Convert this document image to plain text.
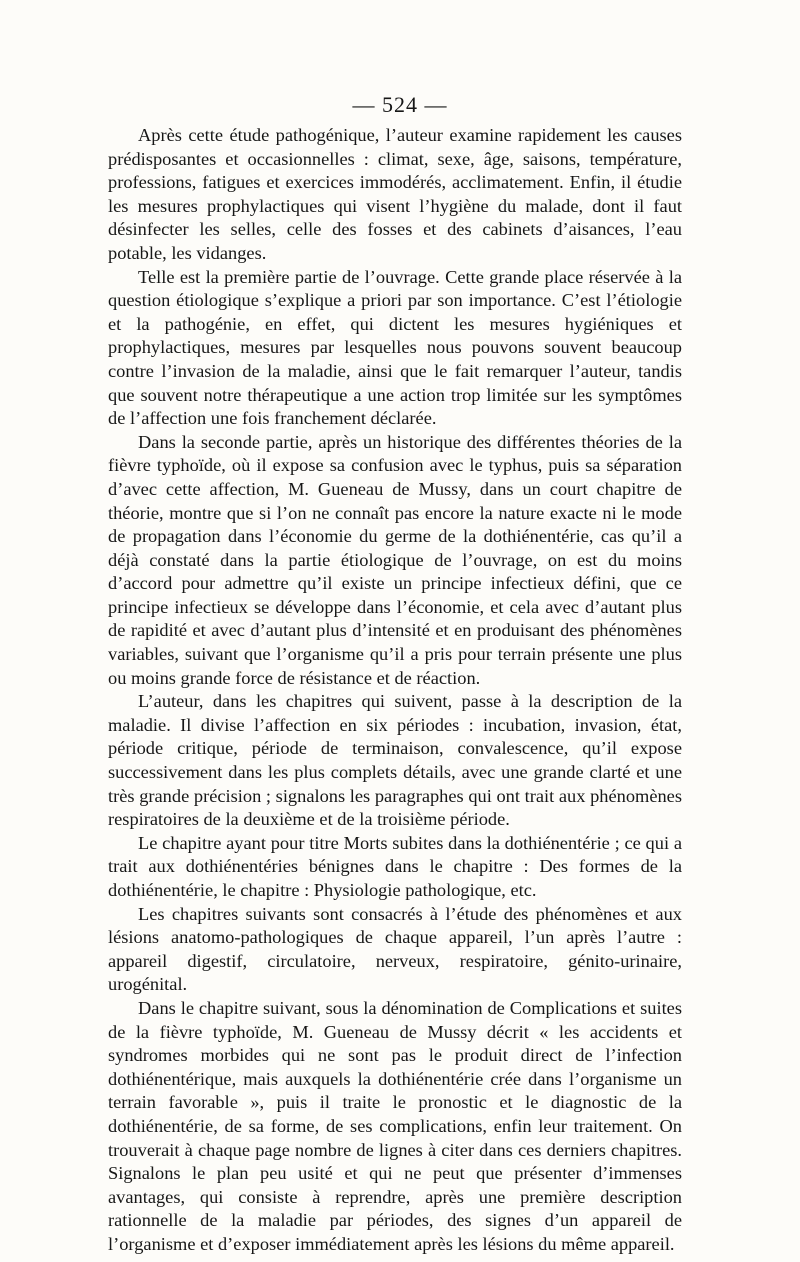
— 524 —

Après cette étude pathogénique, l’auteur examine rapidement les causes prédisposantes et occasionnelles : climat, sexe, âge, saisons, température, professions, fatigues et exercices immodérés, acclimatement. Enfin, il étudie les mesures prophylactiques qui visent l’hygiène du malade, dont il faut désinfecter les selles, celle des fosses et des cabinets d’aisances, l’eau potable, les vidanges.

Telle est la première partie de l’ouvrage. Cette grande place réservée à la question étiologique s’explique a priori par son importance. C’est l’étiologie et la pathogénie, en effet, qui dictent les mesures hygiéniques et prophylactiques, mesures par lesquelles nous pouvons souvent beaucoup contre l’invasion de la maladie, ainsi que le fait remarquer l’auteur, tandis que souvent notre thérapeutique a une action trop limitée sur les symptômes de l’affection une fois franchement déclarée.

Dans la seconde partie, après un historique des différentes théories de la fièvre typhoïde, où il expose sa confusion avec le typhus, puis sa séparation d’avec cette affection, M. Gueneau de Mussy, dans un court chapitre de théorie, montre que si l’on ne connaît pas encore la nature exacte ni le mode de propagation dans l’économie du germe de la dothiénentérie, cas qu’il a déjà constaté dans la partie étiologique de l’ouvrage, on est du moins d’accord pour admettre qu’il existe un principe infectieux défini, que ce principe infectieux se développe dans l’économie, et cela avec d’autant plus de rapidité et avec d’autant plus d’intensité et en produisant des phénomènes variables, suivant que l’organisme qu’il a pris pour terrain présente une plus ou moins grande force de résistance et de réaction.

L’auteur, dans les chapitres qui suivent, passe à la description de la maladie. Il divise l’affection en six périodes : incubation, invasion, état, période critique, période de terminaison, convalescence, qu’il expose successivement dans les plus complets détails, avec une grande clarté et une très grande précision ; signalons les paragraphes qui ont trait aux phénomènes respiratoires de la deuxième et de la troisième période.

Le chapitre ayant pour titre Morts subites dans la dothiénentérie ; ce qui a trait aux dothiénentéries bénignes dans le chapitre : Des formes de la dothiénentérie, le chapitre : Physiologie pathologique, etc.

Les chapitres suivants sont consacrés à l’étude des phénomènes et aux lésions anatomo-pathologiques de chaque appareil, l’un après l’autre : appareil digestif, circulatoire, nerveux, respiratoire, génito-urinaire, urogénital.

Dans le chapitre suivant, sous la dénomination de Complications et suites de la fièvre typhoïde, M. Gueneau de Mussy décrit « les accidents et syndromes morbides qui ne sont pas le produit direct de l’infection dothiénentérique, mais auxquels la dothiénentérie crée dans l’organisme un terrain favorable », puis il traite le pronostic et le diagnostic de la dothiénentérie, de sa forme, de ses complications, enfin leur traitement. On trouverait à chaque page nombre de lignes à citer dans ces derniers chapitres. Signalons le plan peu usité et qui ne peut que présenter d’immenses avantages, qui consiste à reprendre, après une première description rationnelle de la maladie par périodes, des signes d’un appareil de l’organisme et d’exposer immédiatement après les lésions du même appareil.
